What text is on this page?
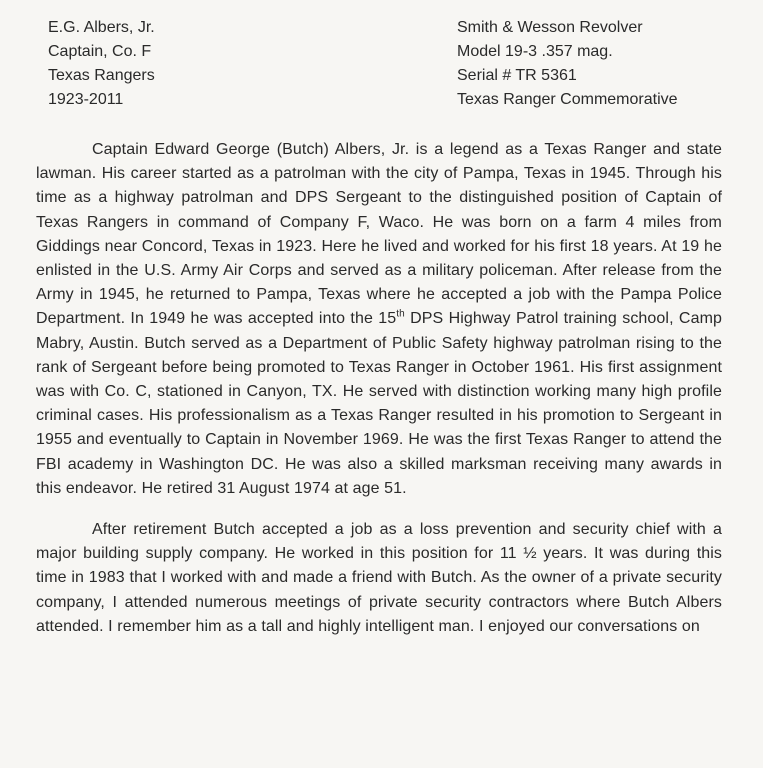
E.G. Albers, Jr.
Captain, Co. F
Texas Rangers
1923-2011
Smith & Wesson Revolver
Model 19-3 .357 mag.
Serial # TR 5361
Texas Ranger Commemorative

Captain Edward George (Butch) Albers, Jr. is a legend as a Texas Ranger and state lawman. His career started as a patrolman with the city of Pampa, Texas in 1945. Through his time as a highway patrolman and DPS Sergeant to the distinguished position of Captain of Texas Rangers in command of Company F, Waco. He was born on a farm 4 miles from Giddings near Concord, Texas in 1923. Here he lived and worked for his first 18 years. At 19 he enlisted in the U.S. Army Air Corps and served as a military policeman. After release from the Army in 1945, he returned to Pampa, Texas where he accepted a job with the Pampa Police Department. In 1949 he was accepted into the 15th DPS Highway Patrol training school, Camp Mabry, Austin. Butch served as a Department of Public Safety highway patrolman rising to the rank of Sergeant before being promoted to Texas Ranger in October 1961. His first assignment was with Co. C, stationed in Canyon, TX. He served with distinction working many high profile criminal cases. His professionalism as a Texas Ranger resulted in his promotion to Sergeant in 1955 and eventually to Captain in November 1969. He was the first Texas Ranger to attend the FBI academy in Washington DC. He was also a skilled marksman receiving many awards in this endeavor. He retired 31 August 1974 at age 51.

After retirement Butch accepted a job as a loss prevention and security chief with a major building supply company. He worked in this position for 11 ½ years. It was during this time in 1983 that I worked with and made a friend with Butch. As the owner of a private security company, I attended numerous meetings of private security contractors where Butch Albers attended. I remember him as a tall and highly intelligent man. I enjoyed our conversations on
